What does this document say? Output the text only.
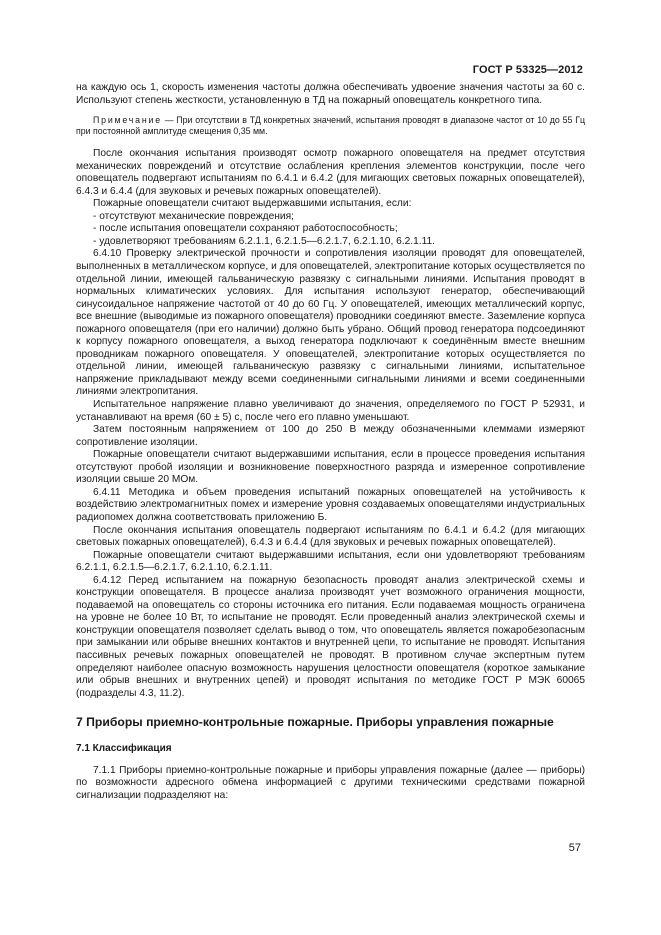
ГОСТ Р 53325—2012

на каждую ось 1, скорость изменения частоты должна обеспечивать удвоение значения частоты за 60 с. Используют степень жесткости, установленную в ТД на пожарный оповещатель конкретного типа.

Примечание — При отсутствии в ТД конкретных значений, испытания проводят в диапазоне частот от 10 до 55 Гц при постоянной амплитуде смещения 0,35 мм.

После окончания испытания производят осмотр пожарного оповещателя на предмет отсутствия механических повреждений и отсутствие ослабления крепления элементов конструкции, после чего оповещатель подвергают испытаниям по 6.4.1 и 6.4.2 (для мигающих световых пожарных оповещателей), 6.4.3 и 6.4.4 (для звуковых и речевых пожарных оповещателей).

Пожарные оповещатели считают выдержавшими испытания, если:

- отсутствуют механические повреждения;

- после испытания оповещатели сохраняют работоспособность;

- удовлетворяют требованиям 6.2.1.1, 6.2.1.5—6.2.1.7, 6.2.1.10, 6.2.1.11.

6.4.10 Проверку электрической прочности и сопротивления изоляции проводят для оповещателей, выполненных в металлическом корпусе, и для оповещателей, электропитание которых осуществляется по отдельной линии, имеющей гальваническую развязку с сигнальными линиями. Испытания проводят в нормальных климатических условиях. Для испытания используют генератор, обеспечивающий синусоидальное напряжение частотой от 40 до 60 Гц. У оповещателей, имеющих металлический корпус, все внешние (выводимые из пожарного оповещателя) проводники соединяют вместе. Заземление корпуса пожарного оповещателя (при его наличии) должно быть убрано. Общий провод генератора подсоединяют к корпусу пожарного оповещателя, а выход генератора подключают к соединённым вместе внешним проводникам пожарного оповещателя. У оповещателей, электропитание которых осуществляется по отдельной линии, имеющей гальваническую развязку с сигнальными линиями, испытательное напряжение прикладывают между всеми соединенными сигнальными линиями и всеми соединенными линиями электропитания.

Испытательное напряжение плавно увеличивают до значения, определяемого по ГОСТ Р 52931, и устанавливают на время (60 ± 5) с, после чего его плавно уменьшают.

Затем постоянным напряжением от 100 до 250 В между обозначенными клеммами измеряют сопротивление изоляции.

Пожарные оповещатели считают выдержавшими испытания, если в процессе проведения испытания отсутствуют пробой изоляции и возникновение поверхностного разряда и измеренное сопротивление изоляции свыше 20 МОм.

6.4.11 Методика и объем проведения испытаний пожарных оповещателей на устойчивость к воздействию электромагнитных помех и измерение уровня создаваемых оповещателями индустриальных радиопомех должна соответствовать приложению Б.

После окончания испытания оповещатель подвергают испытаниям по 6.4.1 и 6.4.2 (для мигающих световых пожарных оповещателей), 6.4.3 и 6.4.4 (для звуковых и речевых пожарных оповещателей).

Пожарные оповещатели считают выдержавшими испытания, если они удовлетворяют требованиям 6.2.1.1, 6.2.1.5—6.2.1.7, 6.2.1.10, 6.2.1.11.

6.4.12 Перед испытанием на пожарную безопасность проводят анализ электрической схемы и конструкции оповещателя. В процессе анализа производят учет возможного ограничения мощности, подаваемой на оповещатель со стороны источника его питания. Если подаваемая мощность ограничена на уровне не более 10 Вт, то испытание не проводят. Если проведенный анализ электрической схемы и конструкции оповещателя позволяет сделать вывод о том, что оповещатель является пожаробезопасным при замыкании или обрыве внешних контактов и внутренней цепи, то испытание не проводят. Испытания пассивных речевых пожарных оповещателей не проводят. В противном случае экспертным путем определяют наиболее опасную возможность нарушения целостности оповещателя (короткое замыкание или обрыв внешних и внутренних цепей) и проводят испытания по методике ГОСТ Р МЭК 60065 (подразделы 4.3, 11.2).

7 Приборы приемно-контрольные пожарные. Приборы управления пожарные
7.1 Классификация

7.1.1 Приборы приемно-контрольные пожарные и приборы управления пожарные (далее — приборы) по возможности адресного обмена информацией с другими техническими средствами пожарной сигнализации подразделяют на:

57
